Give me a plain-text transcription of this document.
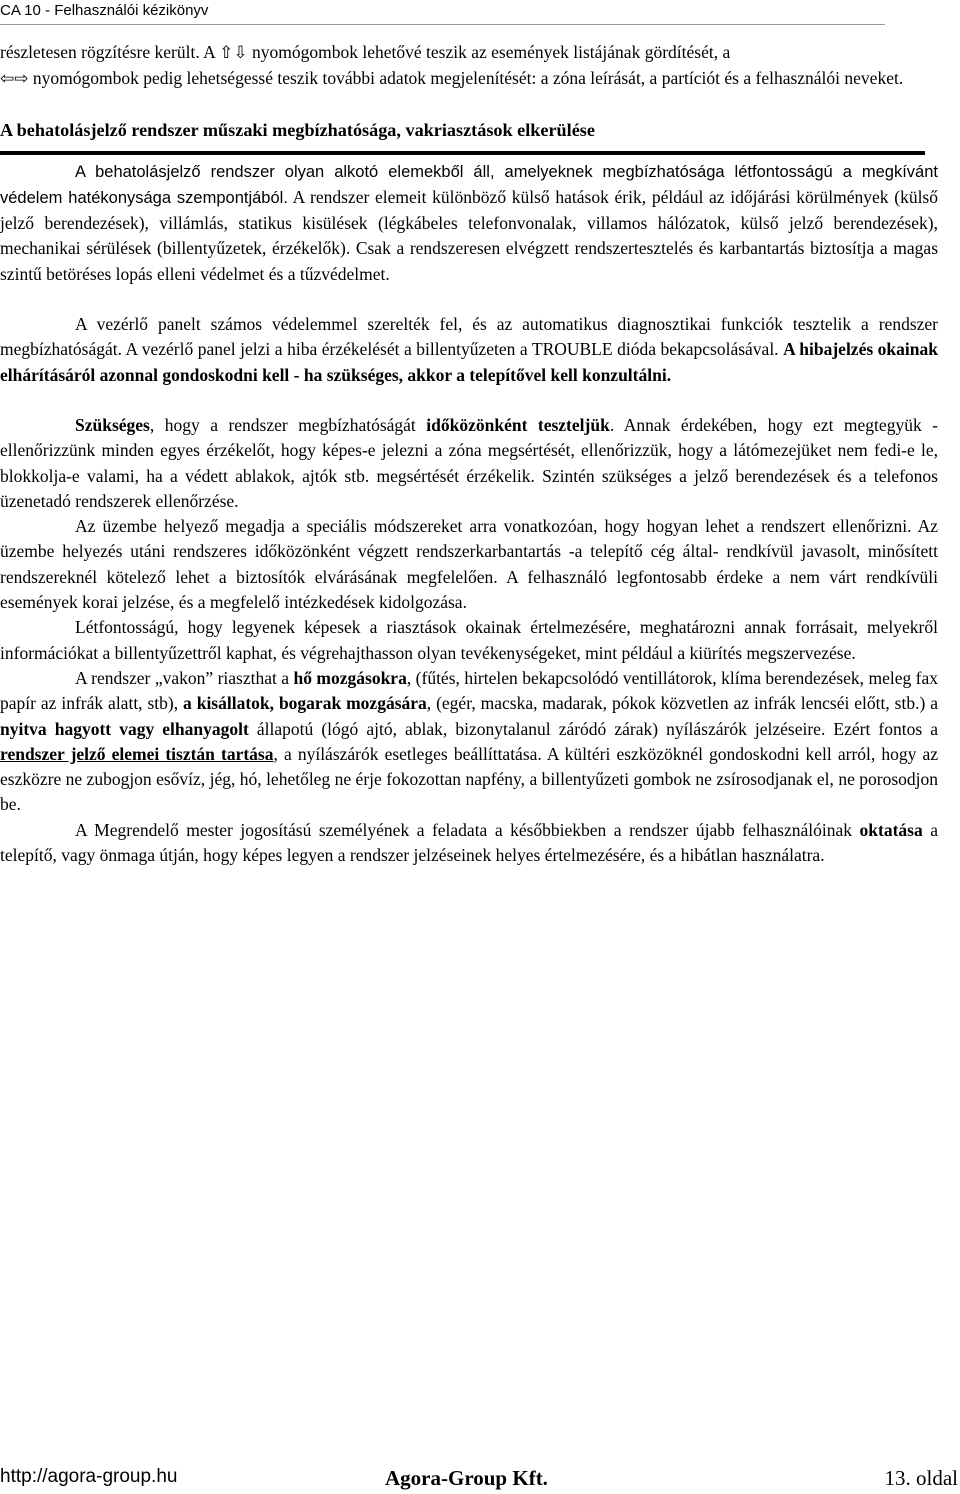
CA 10 - Felhasználói kézikönyv

részletesen rögzítésre került. A ⇧⇩ nyomógombok lehetővé teszik az események listájának gördítését, a
⇦⇨ nyomógombok pedig lehetségessé teszik további adatok megjelenítését: a zóna leírását, a partíciót és a felhasználói neveket.

A behatolásjelző rendszer műszaki megbízhatósága, vakriasztások elkerülése

A behatolásjelző rendszer olyan alkotó elemekből áll, amelyeknek megbízhatósága létfontosságú a megkívánt védelem hatékonysága szempontjából. A rendszer elemeit különböző külső hatások érik, például az időjárási körülmények (külső jelző berendezések), villámlás, statikus kisülések (légkábeles telefonvonalak, villamos hálózatok, külső jelző berendezések), mechanikai sérülések (billentyűzetek, érzékelők). Csak a rendszeresen elvégzett rendszertesztelés és karbantartás biztosítja a magas szintű betöréses lopás elleni védelmet és a tűzvédelmet.

A vezérlő panelt számos védelemmel szerelték fel, és az automatikus diagnosztikai funkciók tesztelik a rendszer megbízhatóságát. A vezérlő panel jelzi a hiba érzékelését a billentyűzeten a TROUBLE dióda bekapcsolásával. A hibajelzés okainak elhárításáról azonnal gondoskodni kell - ha szükséges, akkor a telepítővel kell konzultálni.

Szükséges, hogy a rendszer megbízhatóságát időközönként teszteljük. Annak érdekében, hogy ezt megtegyük - ellenőrizzünk minden egyes érzékelőt, hogy képes-e jelezni a zóna megsértését, ellenőrizzük, hogy a látómezejüket nem fedi-e le, blokkolja-e valami, ha a védett ablakok, ajtók stb. megsértését érzékelik. Szintén szükséges a jelző berendezések és a telefonos üzenetadó rendszerek ellenőrzése.

Az üzembe helyező megadja a speciális módszereket arra vonatkozóan, hogy hogyan lehet a rendszert ellenőrizni. Az üzembe helyezés utáni rendszeres időközönként végzett rendszerkarbantartás -a telepítő cég által- rendkívül javasolt, minősített rendszereknél kötelező lehet a biztosítók elvárásának megfelelően. A felhasználó legfontosabb érdeke a nem várt rendkívüli események korai jelzése, és a megfelelő intézkedések kidolgozása.

Létfontosságú, hogy legyenek képesek a riasztások okainak értelmezésére, meghatározni annak forrásait, melyekről információkat a billentyűzettről kaphat, és végrehajthasson olyan tevékenységeket, mint például a kiürítés megszervezése.

A rendszer „vakon” riaszthat a hő mozgásokra, (fűtés, hirtelen bekapcsolódó ventillátorok, klíma berendezések, meleg fax papír az infrák alatt, stb), a kisállatok, bogarak mozgására, (egér, macska, madarak, pókok közvetlen az infrák lencséi előtt, stb.) a nyitva hagyott vagy elhanyagolt állapotú (lógó ajtó, ablak, bizonytalanul záródó zárak) nyílászárók jelzéseire. Ezért fontos a rendszer jelző elemei tisztán tartása, a nyílászárók esetleges beállíttatása. A kültéri eszközöknél gondoskodni kell arról, hogy az eszközre ne zubogjon esővíz, jég, hó, lehetőleg ne érje fokozottan napfény, a billentyűzeti gombok ne zsírosodjanak el, ne porosodjon be.

A Megrendelő mester jogosítású személyének a feladata a későbbiekben a rendszer újabb felhasználóinak oktatása a telepítő, vagy önmaga útján, hogy képes legyen a rendszer jelzéseinek helyes értelmezésére, és a hibátlan használatra.

http://agora-group.hu	Agora-Group Kft.	13. oldal
